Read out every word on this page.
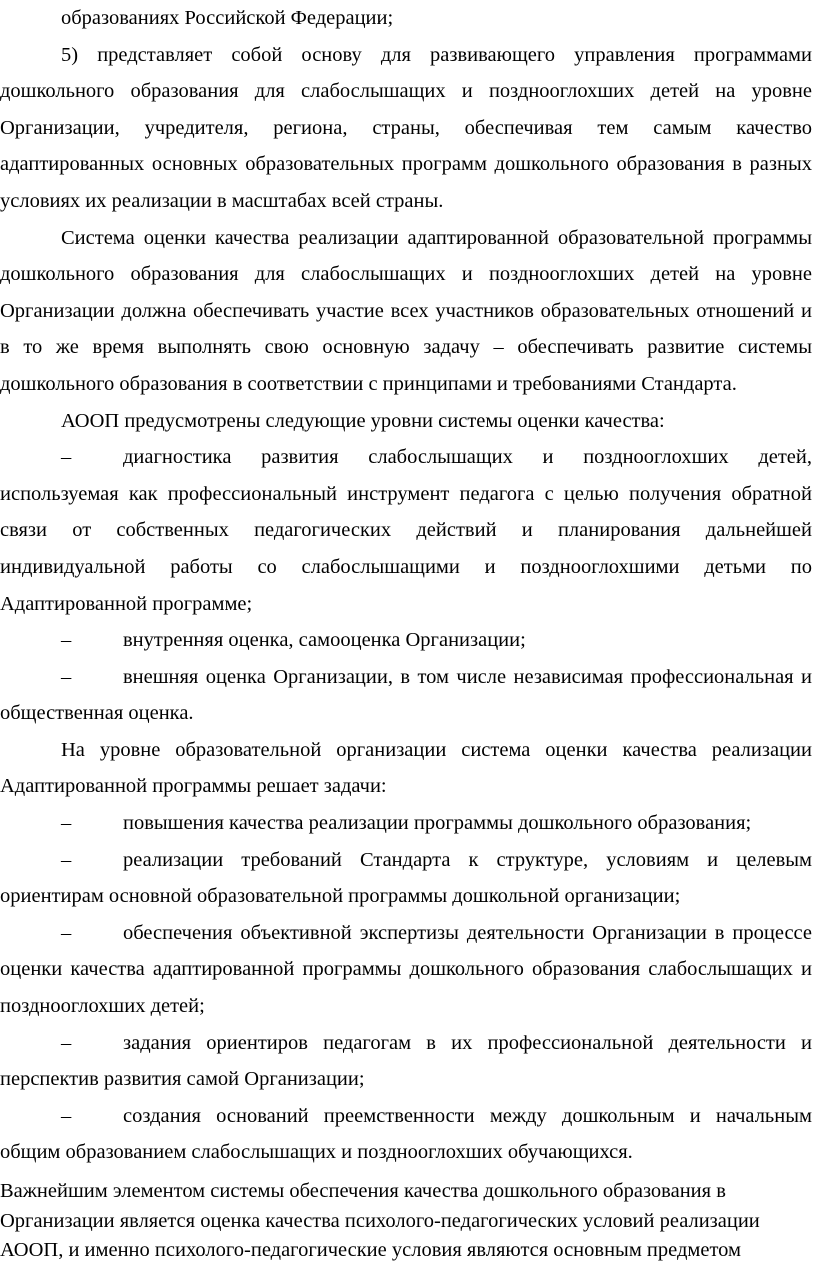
образованиях Российской Федерации;

5) представляет собой основу для развивающего управления программами дошкольного образования для слабослышащих и позднооглохших детей на уровне Организации, учредителя, региона, страны, обеспечивая тем самым качество адаптированных основных образовательных программ дошкольного образования в разных условиях их реализации в масштабах всей страны.

Система оценки качества реализации адаптированной образовательной программы дошкольного образования для слабослышащих и позднооглохших детей на уровне Организации должна обеспечивать участие всех участников образовательных отношений и в то же время выполнять свою основную задачу – обеспечивать развитие системы дошкольного образования в соответствии с принципами и требованиями Стандарта.

АООП предусмотрены следующие уровни системы оценки качества:

–	диагностика развития слабослышащих и позднооглохших детей, используемая как профессиональный инструмент педагога с целью получения обратной связи от собственных педагогических действий и планирования дальнейшей индивидуальной работы со слабослышащими и позднооглохшими детьми по Адаптированной программе;

–	внутренняя оценка, самооценка Организации;

–	внешняя оценка Организации, в том числе независимая профессиональная и общественная оценка.

На уровне образовательной организации система оценки качества реализации Адаптированной программы решает задачи:

–	повышения качества реализации программы дошкольного образования;

–	реализации требований Стандарта к структуре, условиям и целевым ориентирам основной образовательной программы дошкольной организации;

–	обеспечения объективной экспертизы деятельности Организации в процессе оценки качества адаптированной программы дошкольного образования слабослышащих и позднооглохших детей;

–	задания ориентиров педагогам в их профессиональной деятельности и перспектив развития самой Организации;

–	создания оснований преемственности между дошкольным и начальным общим образованием слабослышащих и позднооглохших обучающихся.

Важнейшим элементом системы обеспечения качества дошкольного образования в Организации является оценка качества психолого-педагогических условий реализации АООП, и именно психолого-педагогические условия являются основным предметом
